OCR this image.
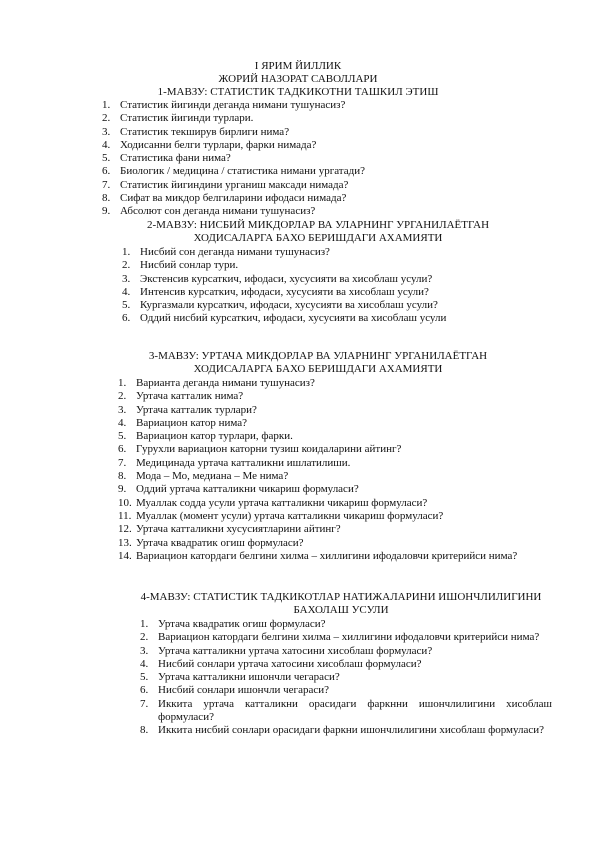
I ЯРИМ ЙИЛЛИК
ЖОРИЙ НАЗОРАТ САВОЛЛАРИ
1-МАВЗУ: СТАТИСТИК ТАДКИКОТНИ ТАШКИЛ ЭТИШ
1. Статистик йигинди деганда нимани тушунасиз?
2. Статистик йигинди турлари.
3. Статистик текширув бирлиги нима?
4. Ходисанни белги турлари, фарки нимада?
5. Статистика фани нима?
6. Биологик / медицина / статистика нимани ургатади?
7. Статистик йигиндини урганиш максади нимада?
8. Сифат ва микдор белгиларини ифодаси нимада?
9. Абсолют сон деганда нимани тушунасиз?
2-МАВЗУ: НИСБИЙ МИКДОРЛАР ВА УЛАРНИНГ УРГАНИЛАЁТГАН
ХОДИСАЛАРГА БАХО БЕРИШДАГИ АХАМИЯТИ
1. Нисбий сон деганда нимани тушунасиз?
2. Нисбий сонлар тури.
3. Экстенсив курсаткич, ифодаси, хусусияти ва хисоблаш усули?
4. Интенсив курсаткич, ифодаси, хусусияти ва хисоблаш усули?
5. Кургазмали курсаткич, ифодаси, хусусияти ва хисоблаш усули?
6. Оддий нисбий курсаткич, ифодаси, хусусияти ва хисоблаш усули
3-МАВЗУ: УРТАЧА МИКДОРЛАР ВА УЛАРНИНГ УРГАНИЛАЁТГАН
ХОДИСАЛАРГА БАХО БЕРИШДАГИ АХАМИЯТИ
1. Варианта деганда нимани тушунасиз?
2. Уртача катталик нима?
3. Уртача катталик турлари?
4. Вариацион катор нима?
5. Вариацион катор турлари, фарки.
6. Гурухли вариацион каторни тузиш коидаларини айтинг?
7. Медицинада уртача катталикни ишлатилиши.
8. Мода – Мо, медиана – Ме нима?
9. Оддий уртача катталикни чикариш формуласи?
10. Муаллак содда усули уртача катталикни чикариш формуласи?
11. Муаллак (момент усули) уртача катталикни чикариш формуласи?
12. Уртача катталикни хусусиятларини айтинг?
13. Уртача квадратик огиш формуласи?
14. Вариацион катордаги белгини хилма – хиллигини ифодаловчи критерийси нима?
4-МАВЗУ: СТАТИСТИК ТАДКИКОТЛАР НАТИЖАЛАРИНИ ИШОНЧЛИЛИГИНИ
БАХОЛАШ УСУЛИ
1. Уртача квадратик огиш формуласи?
2. Вариацион катордаги белгини хилма – хиллигини ифодаловчи критерийси нима?
3. Уртача катталикни уртача хатосини хисоблаш формуласи?
4. Нисбий сонлари уртача хатосини хисоблаш формуласи?
5. Уртача катталикни ишончли чегараси?
6. Нисбий сонлари ишончли чегараси?
7. Иккита уртача катталикни орасидаги фаркнни ишончлилигини хисоблаш формуласи?
8. Иккита нисбий сонлари орасидаги фаркни ишончлилигини хисоблаш формуласи?
